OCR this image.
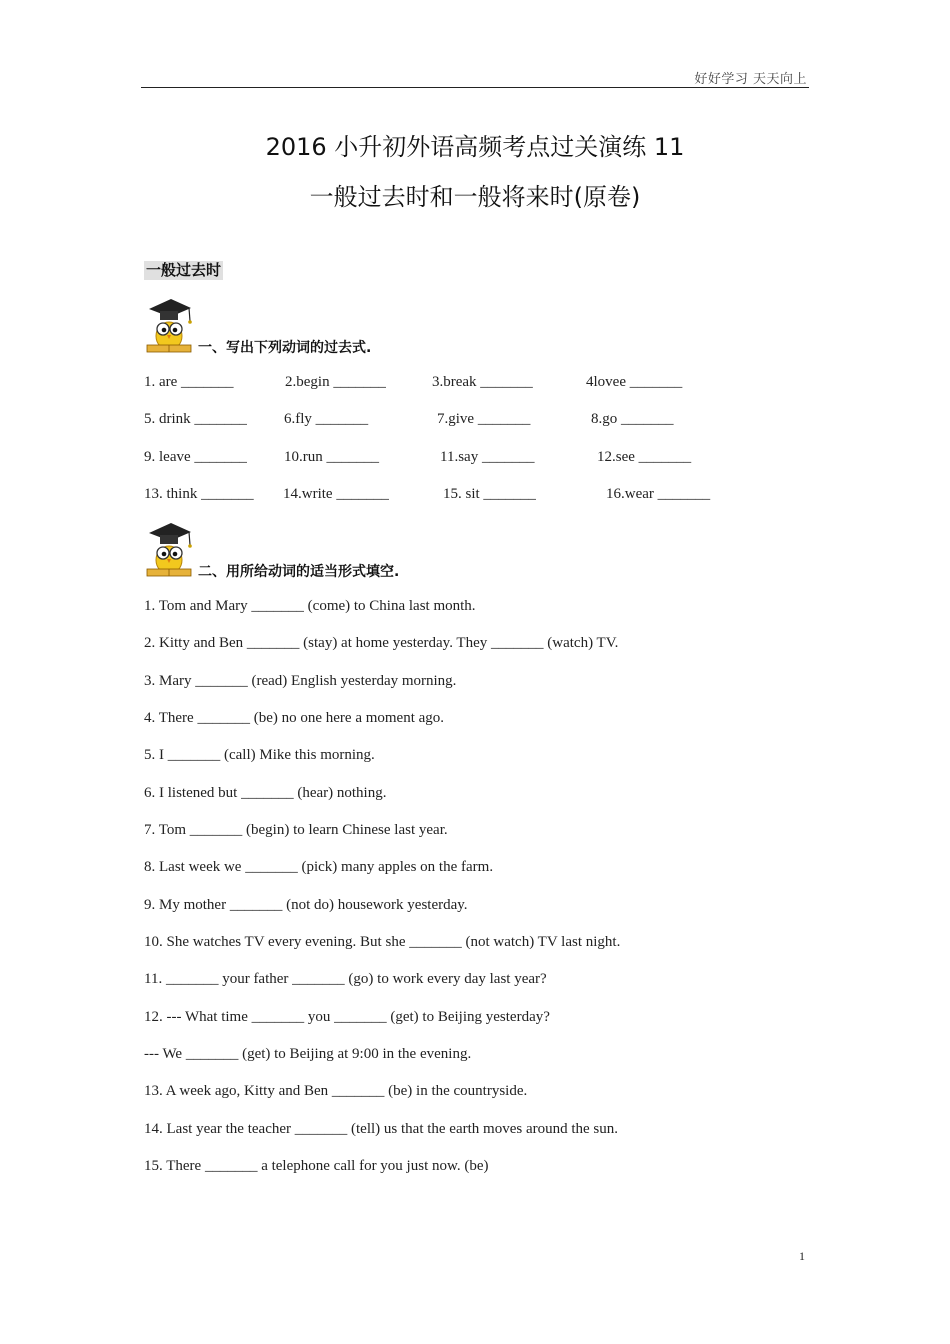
好好学习 天天向上
2016 小升初外语高频考点过关演练 11
一般过去时和一般将来时(原卷)
一般过去时
一、写出下列动词的过去式.
1. are _______	2.begin _______	3.break _______	4lovee _______
5. drink _______ 6.fly _______	7.give _______	8.go _______
9. leave _______ 10.run _______	11.say _______	12.see _______
13. think _______ 14.write _______	15. sit _______	16.wear _______
二、用所给动词的适当形式填空.
1. Tom and Mary _______ (come) to China last month.
2. Kitty and Ben _______ (stay) at home yesterday. They _______ (watch) TV.
3. Mary _______ (read) English yesterday morning.
4. There _______ (be) no one here a moment ago.
5. I _______ (call) Mike this morning.
6. I listened but _______ (hear) nothing.
7. Tom _______ (begin) to learn Chinese last year.
8. Last week we _______ (pick) many apples on the farm.
9. My mother _______ (not do) housework yesterday.
10. She watches TV every evening. But she _______ (not watch) TV last night.
11. _______ your father _______ (go) to work every day last year?
12. --- What time _______ you _______ (get) to Beijing yesterday?
--- We _______ (get) to Beijing at 9:00 in the evening.
13. A week ago, Kitty and Ben _______ (be) in the countryside.
14. Last year the teacher _______ (tell) us that the earth moves around the sun.
15. There _______ a telephone call for you just now. (be)
1
